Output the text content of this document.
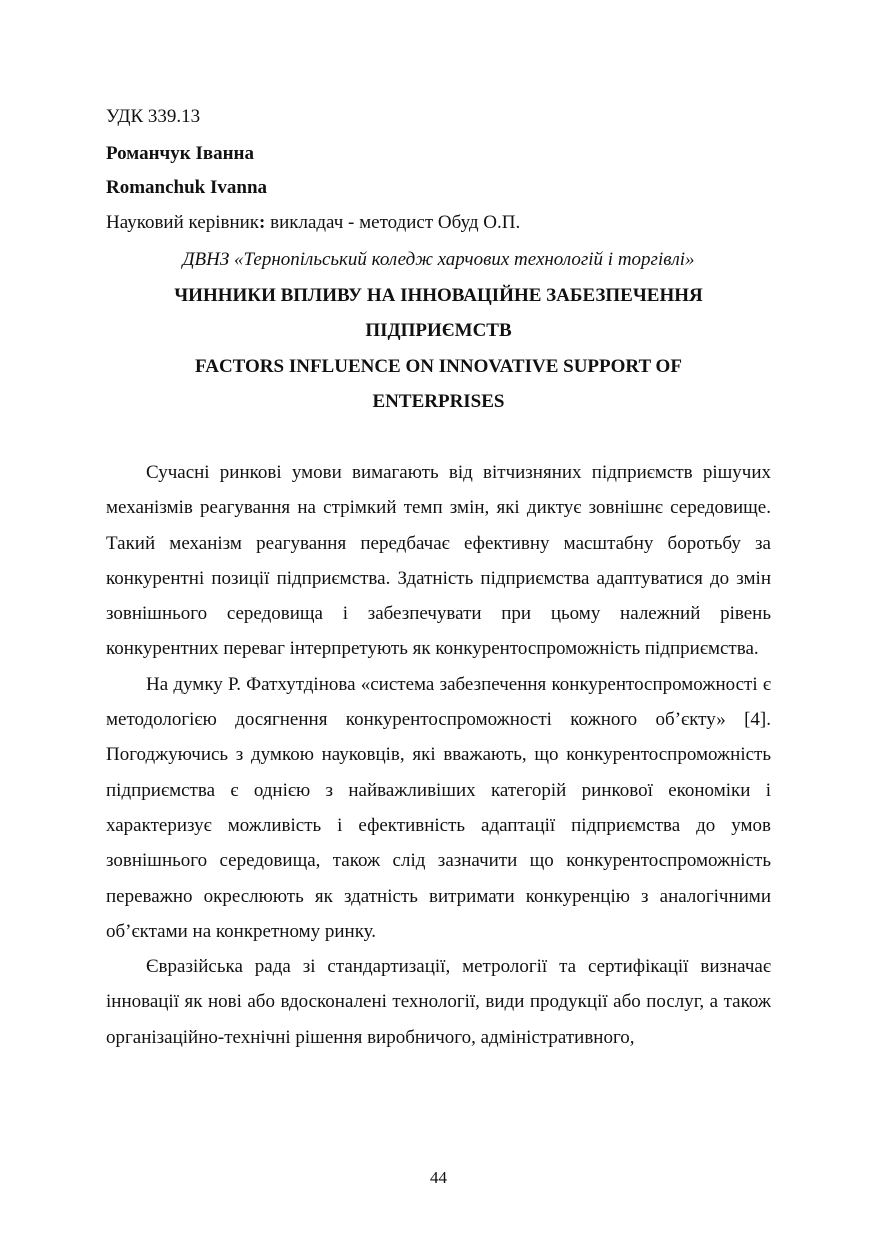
УДК 339.13
Романчук Іванна
Romanchuk Ivanna
Науковий керівник: викладач - методист Обуд О.П.
ДВНЗ «Тернопільський коледж харчових технологій і торгівлі»
ЧИННИКИ ВПЛИВУ НА ІННОВАЦІЙНЕ ЗАБЕЗПЕЧЕННЯ
ПІДПРИЄМСТВ
FACTORS INFLUENCE ON INNOVATIVE SUPPORT OF
ENTERPRISES

Сучасні ринкові умови вимагають від вітчизняних підприємств рішучих механізмів реагування на стрімкий темп змін, які диктує зовнішнє середовище. Такий механізм реагування передбачає ефективну масштабну боротьбу за конкурентні позиції підприємства. Здатність підприємства адаптуватися до змін зовнішнього середовища і забезпечувати при цьому належний рівень конкурентних переваг інтерпретують як конкурентоспроможність підприємства.

На думку Р. Фатхутдінова «система забезпечення конкурентоспроможності є методологією досягнення конкурентоспроможності кожного об’єкту» [4]. Погоджуючись з думкою науковців, які вважають, що конкурентоспроможність підприємства є однією з найважливіших категорій ринкової економіки і характеризує можливість і ефективність адаптації підприємства до умов зовнішнього середовища, також слід зазначити що конкурентоспроможність переважно окреслюють як здатність витримати конкуренцію з аналогічними об’єктами на конкретному ринку.

Євразійська рада зі стандартизації, метрології та сертифікації визначає інновації як нові або вдосконалені технології, види продукції або послуг, а також організаційно-технічні рішення виробничого, адміністративного,

44
